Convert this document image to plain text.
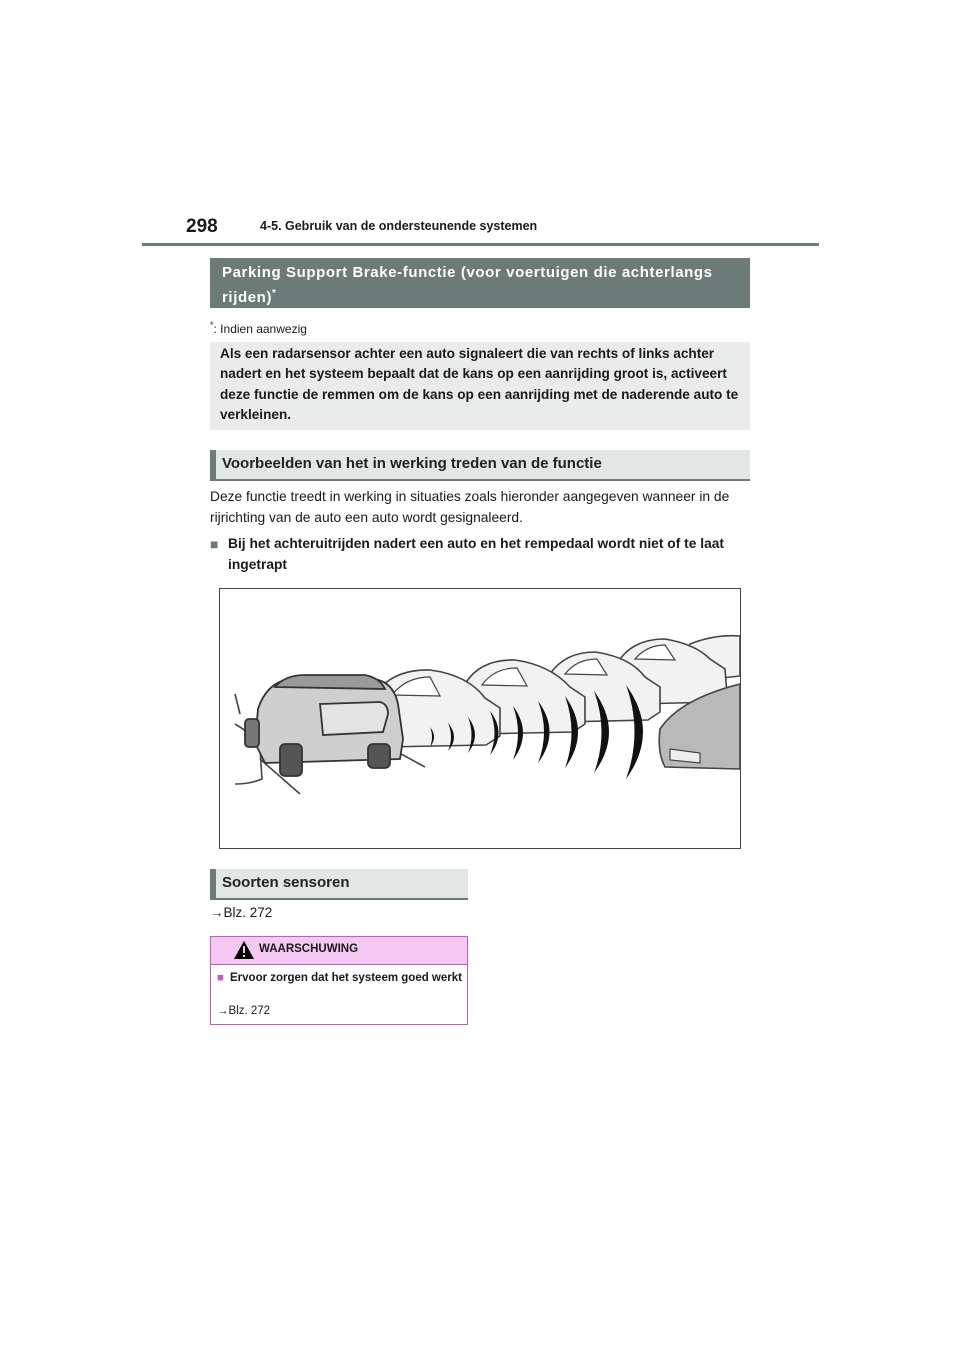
298	4-5. Gebruik van de ondersteunende systemen
Parking Support Brake-functie (voor voertuigen die achterlangs rijden)*
*: Indien aanwezig
Als een radarsensor achter een auto signaleert die van rechts of links achter nadert en het systeem bepaalt dat de kans op een aanrijding groot is, activeert deze functie de remmen om de kans op een aanrijding met de naderende auto te verkleinen.
Voorbeelden van het in werking treden van de functie
Deze functie treedt in werking in situaties zoals hieronder aangegeven wanneer in de rijrichting van de auto een auto wordt gesignaleerd.
■ Bij het achteruitrijden nadert een auto en het rempedaal wordt niet of te laat ingetrapt
Soorten sensoren
→Blz. 272
WAARSCHUWING
■ Ervoor zorgen dat het systeem goed werkt
→Blz. 272
